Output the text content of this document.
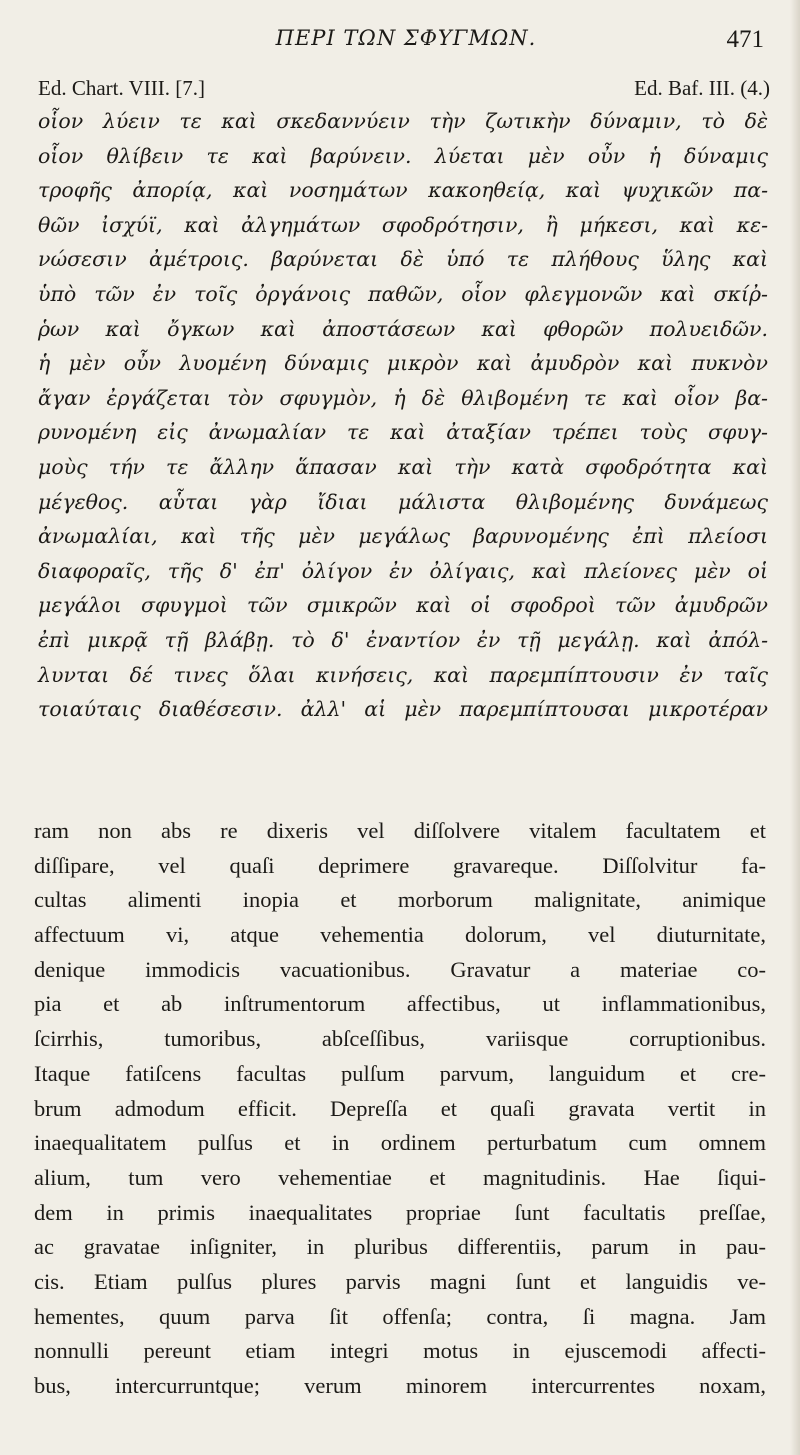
ΠΕΡΙ ΤΩΝ ΣΦΥΓΜΩΝ.	471
Ed. Chart. VIII. [7.]	Ed. Baf. III. (4.)
οἷον λύειν τε καὶ σκεδαννύειν τὴν ζωτικὴν δύναμιν, τὸ δὲ
οἷον θλίβειν τε καὶ βαρύνειν. λύεται μὲν οὖν ἡ δύναμις
τροφῆς ἀπορίᾳ, καὶ νοσημάτων κακοηθείᾳ, καὶ ψυχικῶν πα-
θῶν ἰσχύϊ, καὶ ἀλγημάτων σφοδρότησιν, ἢ μήκεσι, καὶ κε-
νώσεσιν ἀμέτροις. βαρύνεται δὲ ὑπό τε πλήθους ὕλης καὶ
ὑπὸ τῶν ἐν τοῖς ὀργάνοις παθῶν, οἷον φλεγμονῶν καὶ σκίῤ-
ῥων καὶ ὄγκων καὶ ἀποστάσεων καὶ φθορῶν πολυειδῶν.
ἡ μὲν οὖν λυομένη δύναμις μικρὸν καὶ ἀμυδρὸν καὶ πυκνὸν
ἄγαν ἐργάζεται τὸν σφυγμὸν, ἡ δὲ θλιβομένη τε καὶ οἷον βα-
ρυνομένη εἰς ἀνωμαλίαν τε καὶ ἀταξίαν τρέπει τοὺς σφυγ-
μοὺς τήν τε ἄλλην ἅπασαν καὶ τὴν κατὰ σφοδρότητα καὶ
μέγεθος. αὗται γὰρ ἴδιαι μάλιστα θλιβομένης δυνάμεως
ἀνωμαλίαι, καὶ τῆς μὲν μεγάλως βαρυνομένης ἐπὶ πλείοσι
διαφοραῖς, τῆς δ' ἐπ' ὀλίγον ἐν ὀλίγαις, καὶ πλείονες μὲν οἱ
μεγάλοι σφυγμοὶ τῶν σμικρῶν καὶ οἱ σφοδροὶ τῶν ἀμυδρῶν
ἐπὶ μικρᾷ τῇ βλάβῃ. τὸ δ' ἐναντίον ἐν τῇ μεγάλῃ. καὶ ἀπόλ-
λυνται δέ τινες ὅλαι κινήσεις, καὶ παρεμπίπτουσιν ἐν ταῖς
τοιαύταις διαθέσεσιν. ἀλλ' αἱ μὲν παρεμπίπτουσαι μικροτέραν
ram non abs re dixeris vel diſſolvere vitalem facultatem et
diſſipare, vel quaſi deprimere gravareque. Diſſolvitur fa-
cultas alimenti inopia et morborum malignitate, animique
affectuum vi, atque vehementia dolorum, vel diuturnitate,
denique immodicis vacuationibus. Gravatur a materiae co-
pia et ab inſtrumentorum affectibus, ut inflammationibus,
ſcirrhis, tumoribus, abſceſſibus, variisque corruptionibus.
Itaque fatiſcens facultas pulſum parvum, languidum et cre-
brum admodum efficit. Depreſſa et quaſi gravata vertit in
inaequalitatem pulſus et in ordinem perturbatum cum omnem
alium, tum vero vehementiae et magnitudinis. Hae ſiqui-
dem in primis inaequalitates propriae ſunt facultatis preſſae,
ac gravatae inſigniter, in pluribus differentiis, parum in pau-
cis. Etiam pulſus plures parvis magni ſunt et languidis ve-
hementes, quum parva ſit offenſa; contra, ſi magna. Jam
nonnulli pereunt etiam integri motus in ejuscemodi affecti-
bus, intercurruntque; verum minorem intercurrentes noxam,
